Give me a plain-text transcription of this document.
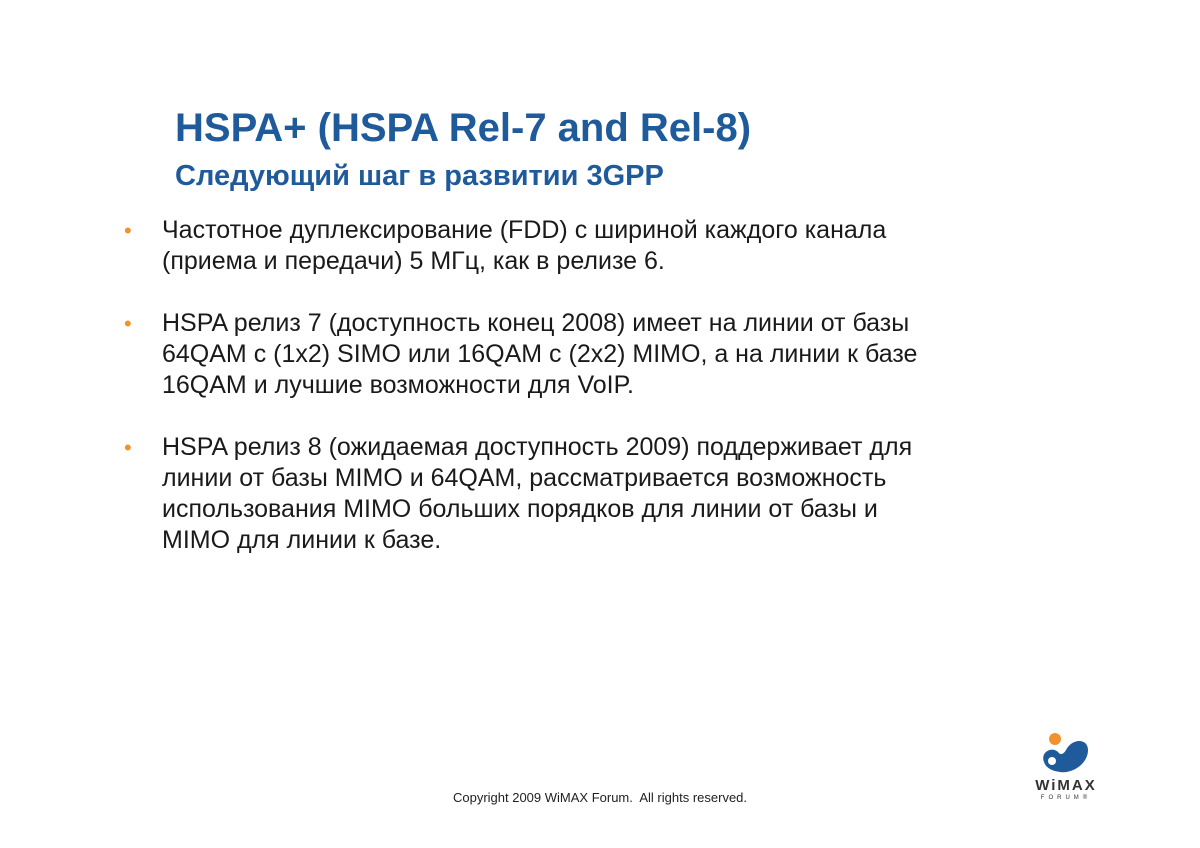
HSPA+ (HSPA Rel-7 and Rel-8)
Следующий шаг в развитии 3GPP
• Частотное дуплексирование (FDD) с шириной каждого канала
(приема и передачи) 5 МГц, как в релизе 6.
• HSPA релиз 7 (доступность конец 2008) имеет на линии от базы
64QAM с (1x2) SIMO или 16QAM с (2x2) MIMO, а на линии к базе
16QAM и лучшие возможности для VoIP.
• HSPA релиз 8 (ожидаемая доступность 2009) поддерживает для
линии от базы MIMO и 64QAM, рассматривается возможность
использования MIMO больших порядков для линии от базы и
MIMO для линии к базе.
Copyright 2009 WiMAX Forum.  All rights reserved.
WiMAX
FORUM®
